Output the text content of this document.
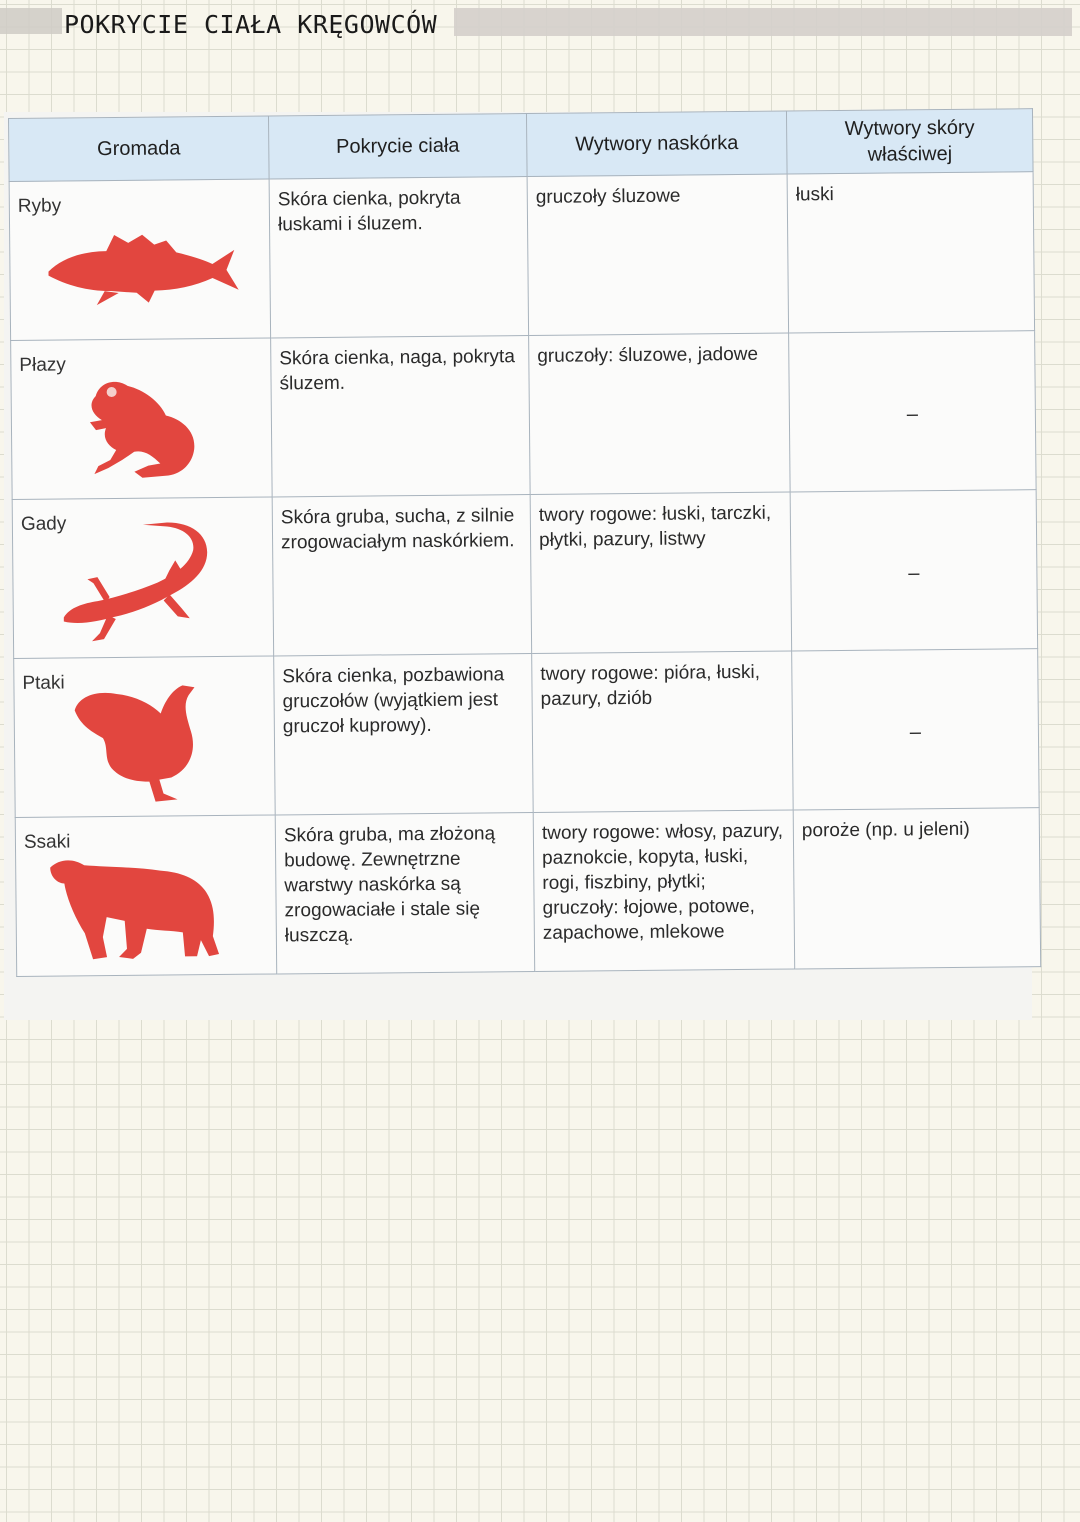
POKRYCIE CIAŁA KRĘGOWCÓW
Gromada	Pokrycie ciała	Wytwory naskórka	Wytwory skóry właściwej

Ryby	Skóra cienka, pokryta łuskami i śluzem.	gruczoły śluzowe	łuski

Płazy	Skóra cienka, naga, pokryta śluzem.	gruczoły: śluzowe, jadowe	–

Gady	Skóra gruba, sucha, z silnie zrogowaciałym naskórkiem.	twory rogowe: łuski, tarczki, płytki, pazury, listwy	–

Ptaki	Skóra cienka, pozbawiona gruczołów (wyjątkiem jest gruczoł kuprowy).	twory rogowe: pióra, łuski, pazury, dziób	–

Ssaki	Skóra gruba, ma złożoną budowę. Zewnętrzne warstwy naskórka są zrogowaciałe i stale się łuszczą.	twory rogowe: włosy, pazury, paznokcie, kopyta, łuski, rogi, fiszbiny, płytki; gruczoły: łojowe, potowe, zapachowe, mlekowe	poroże (np. u jeleni)
